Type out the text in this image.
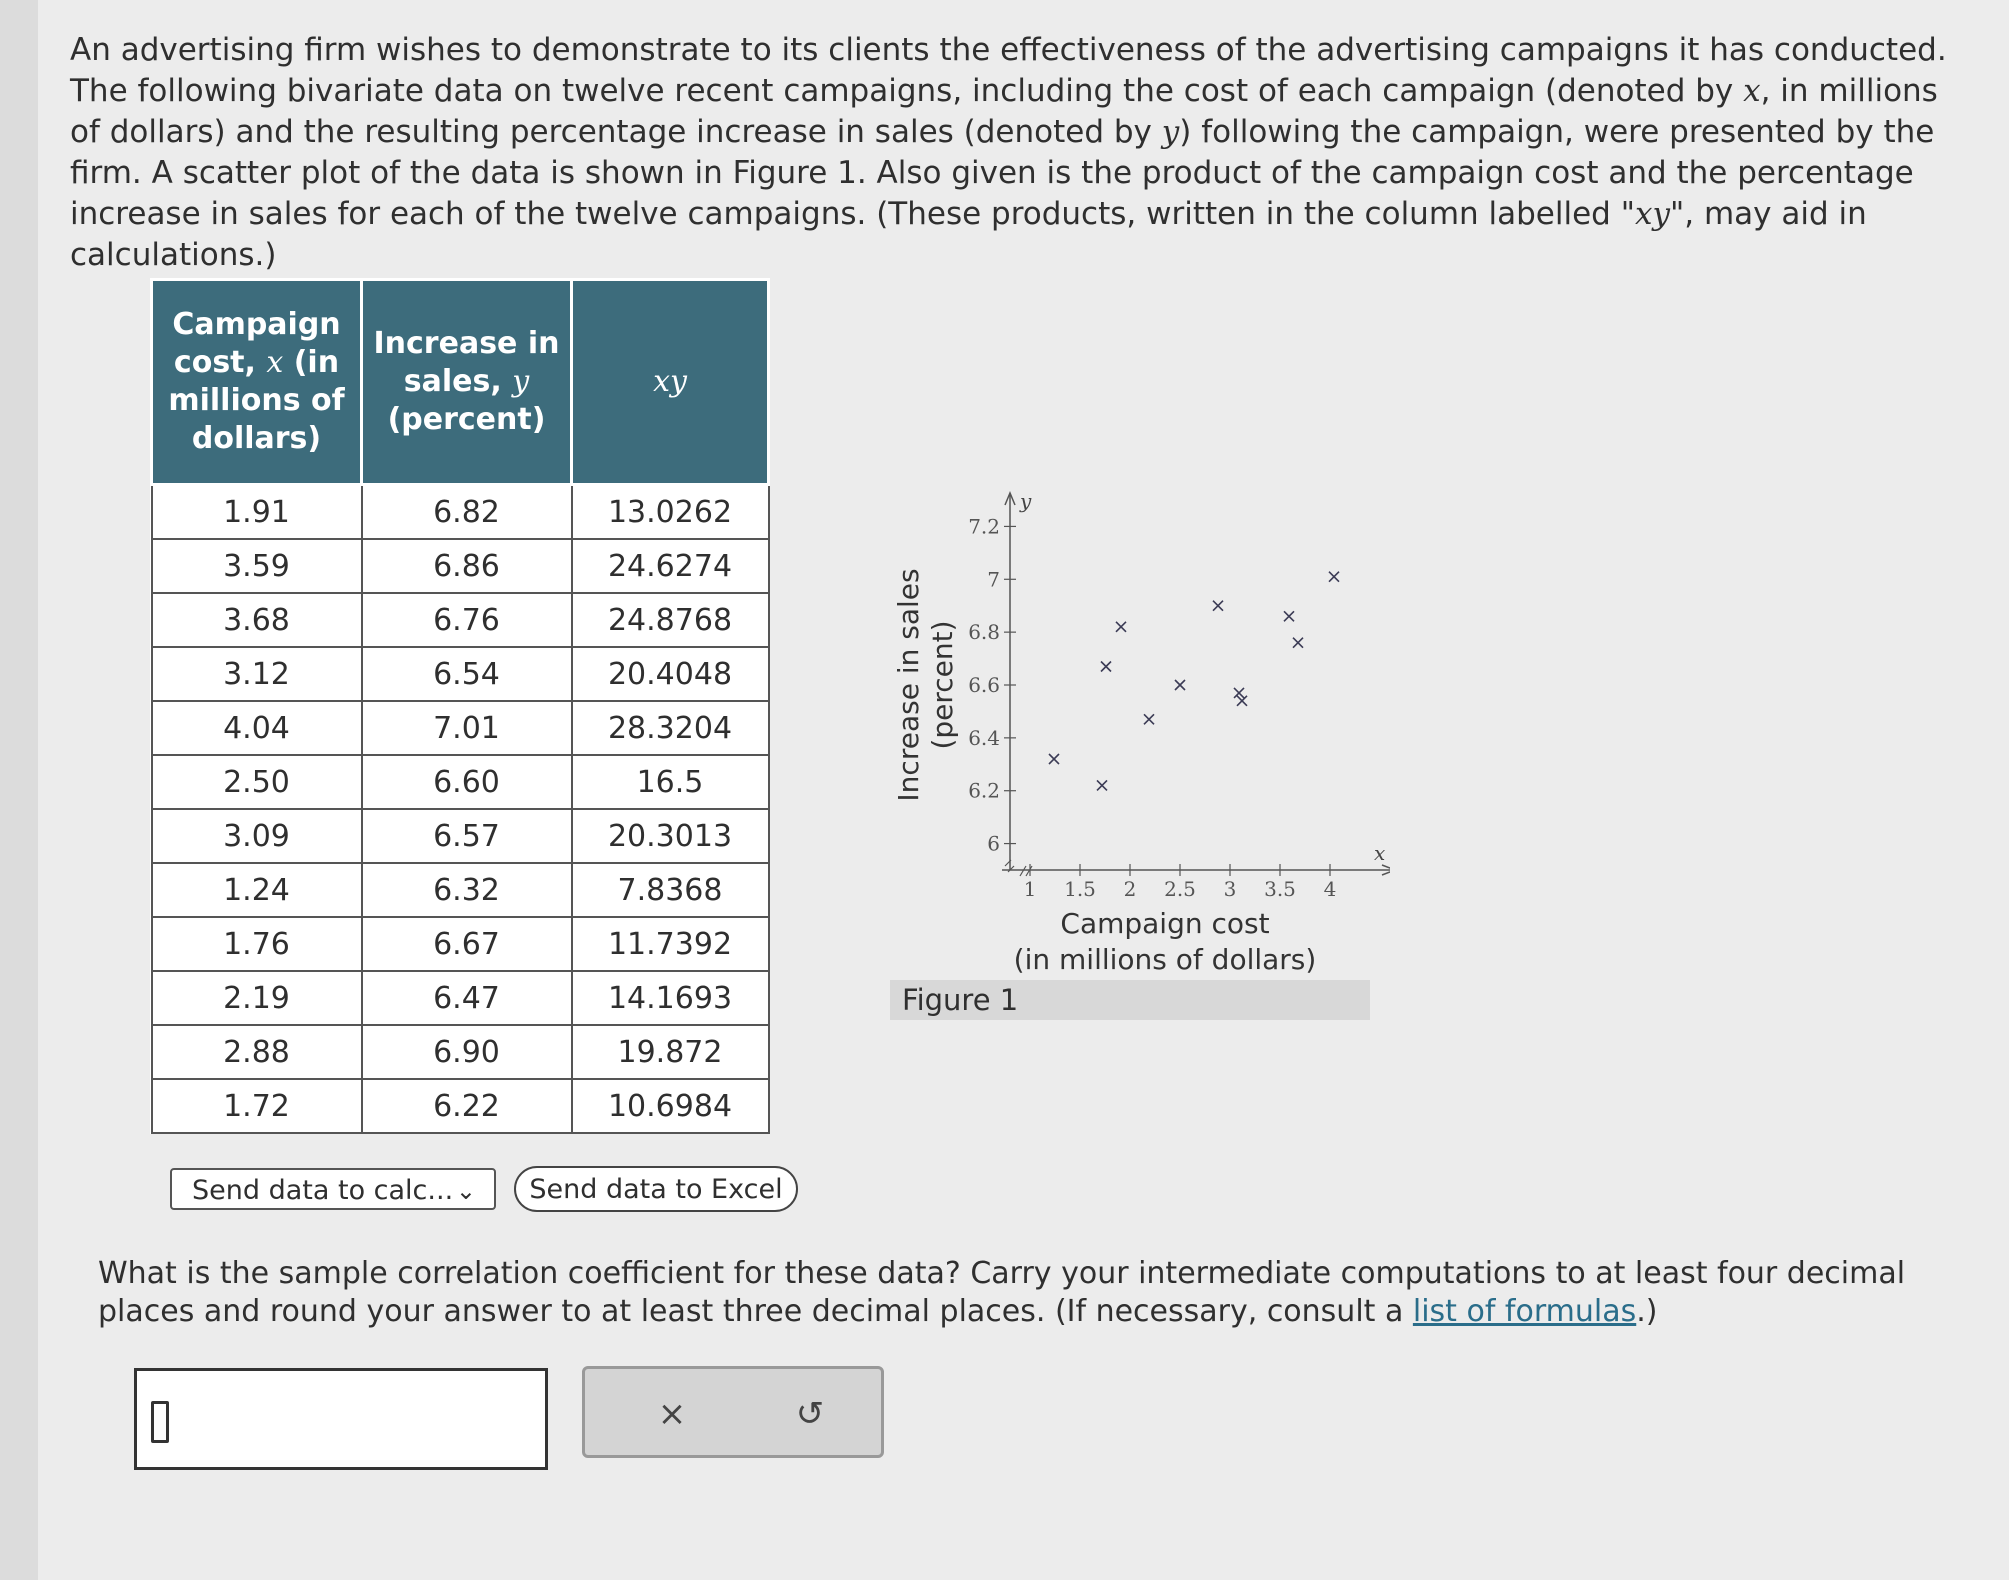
An advertising firm wishes to demonstrate to its clients the effectiveness of the advertising campaigns it has conducted. The following bivariate data on twelve recent campaigns, including the cost of each campaign (denoted by x, in millions of dollars) and the resulting percentage increase in sales (denoted by y) following the campaign, were presented by the firm. A scatter plot of the data is shown in Figure 1. Also given is the product of the campaign cost and the percentage increase in sales for each of the twelve campaigns. (These products, written in the column labelled "xy", may aid in calculations.)

Campaign cost, x (in millions of dollars)	Increase in sales, y (percent)	xy
1.91	6.82	13.0262
3.59	6.86	24.6274
3.68	6.76	24.8768
3.12	6.54	20.4048
4.04	7.01	28.3204
2.50	6.60	16.5
3.09	6.57	20.3013
1.24	6.32	7.8368
1.76	6.67	11.7392
2.19	6.47	14.1693
2.88	6.90	19.872
1.72	6.22	10.6984
Send data to calc... ⌄	Send data to Excel
y
x
6
6.2
6.4
6.6
6.8
7
7.2
1 1.5 2 2.5 3 3.5 4
Campaign cost
(in millions of dollars)
Increase in sales (percent)
Figure 1

What is the sample correlation coefficient for these data? Carry your intermediate computations to at least four decimal places and round your answer to at least three decimal places. (If necessary, consult a list of formulas.)

×	↺
